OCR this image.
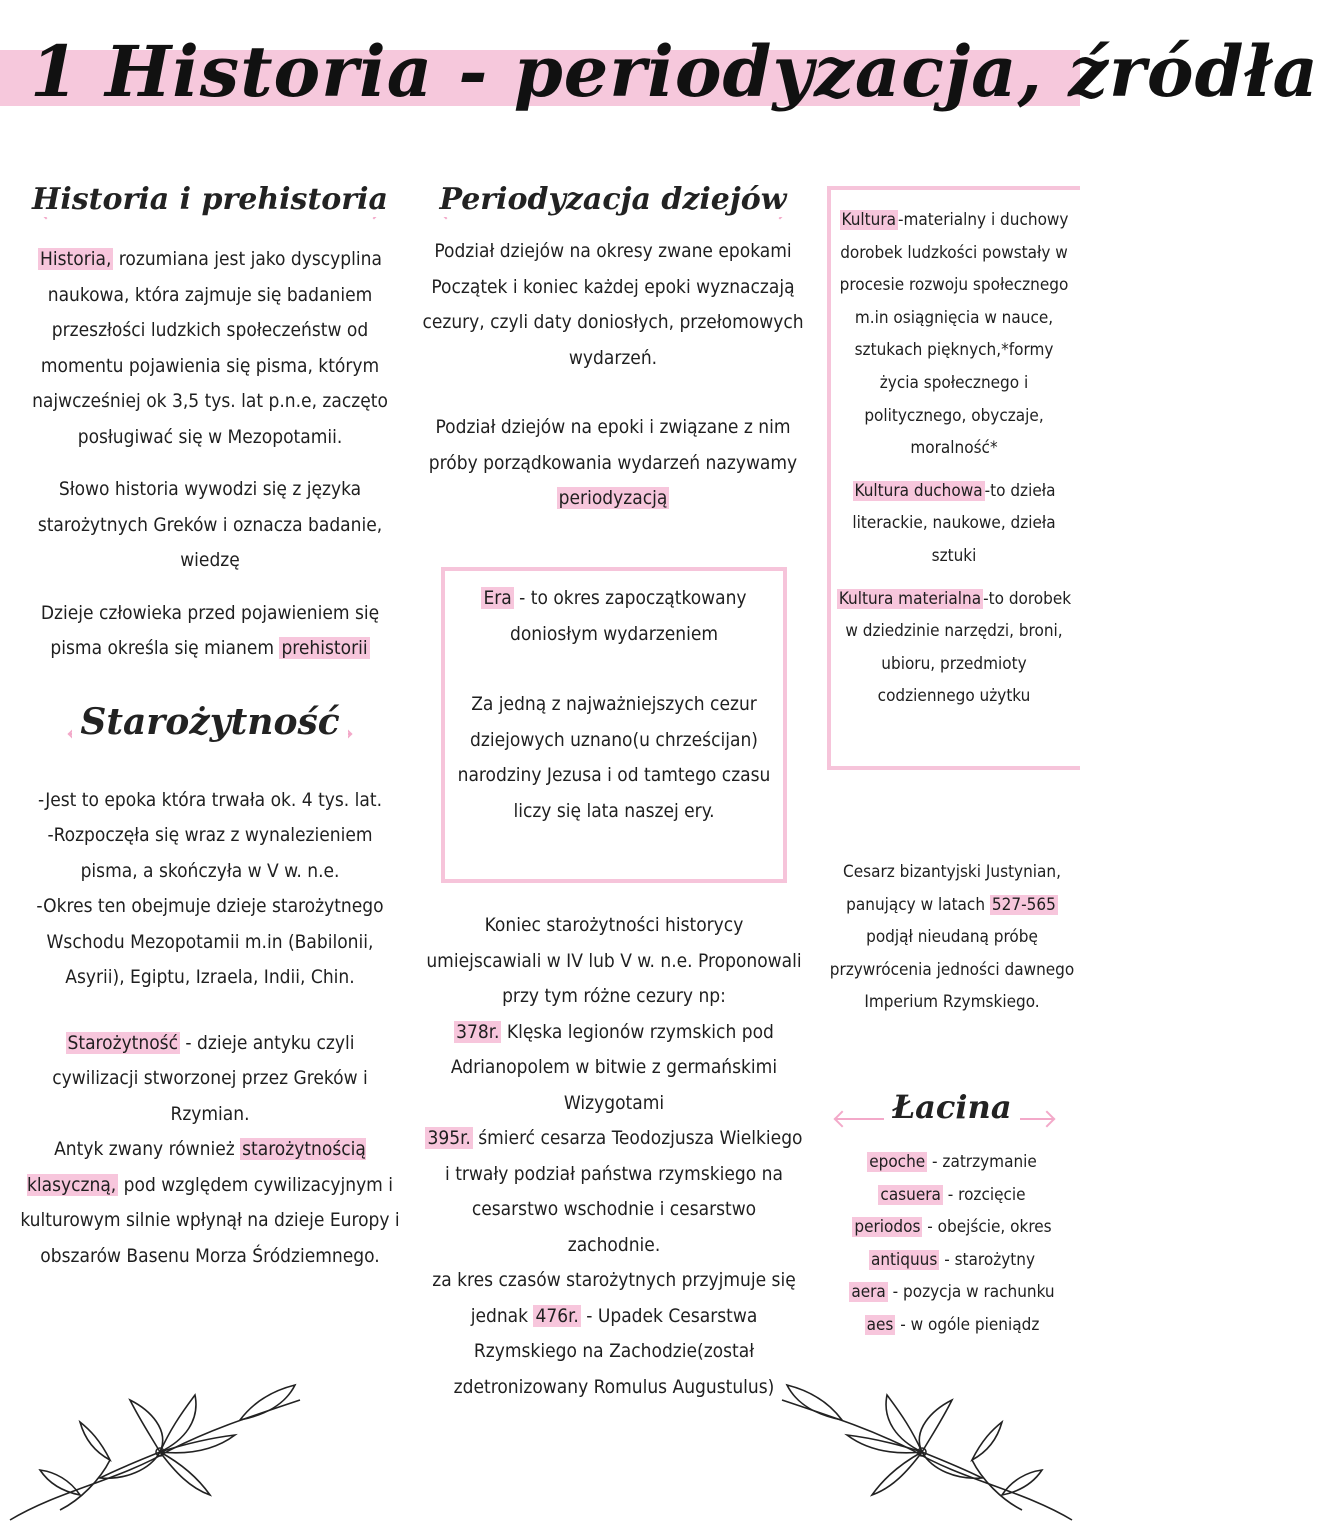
1 Historia - periodyzacja, źródła
Historia i prehistoria

Historia, rozumiana jest jako dyscyplina naukowa, która zajmuje się badaniem przeszłości ludzkich społeczeństw od momentu pojawienia się pisma, którym najwcześniej ok 3,5 tys. lat p.n.e, zaczęto posługiwać się w Mezopotamii.

Słowo historia wywodzi się z języka starożytnych Greków i oznacza badanie, wiedzę

Dzieje człowieka przed pojawieniem się pisma określa się mianem prehistorii

Starożytność

-Jest to epoka która trwała ok. 4 tys. lat.

-Rozpoczęła się wraz z wynalezieniem pisma, a skończyła w V w. n.e.

-Okres ten obejmuje dzieje starożytnego Wschodu Mezopotamii m.in (Babilonii, Asyrii), Egiptu, Izraela, Indii, Chin.

Starożytność - dzieje antyku czyli cywilizacji stworzonej przez Greków i Rzymian.

Antyk zwany również starożytnością klasyczną, pod względem cywilizacyjnym i kulturowym silnie wpłynął na dzieje Europy i obszarów Basenu Morza Śródziemnego.

Periodyzacja dziejów

Podział dziejów na okresy zwane epokami Początek i koniec każdej epoki wyznaczają cezury, czyli daty doniosłych, przełomowych wydarzeń.

Podział dziejów na epoki i związane z nim próby porządkowania wydarzeń nazywamy periodyzacją

Era - to okres zapoczątkowany doniosłym wydarzeniem

Za jedną z najważniejszych cezur dziejowych uznano(u chrześcijan) narodziny Jezusa i od tamtego czasu liczy się lata naszej ery.

Koniec starożytności historycy umiejscawiali w IV lub V w. n.e. Proponowali przy tym różne cezury np:

378r. Klęska legionów rzymskich pod Adrianopolem w bitwie z germańskimi Wizygotami

395r. śmierć cesarza Teodozjusza Wielkiego i trwały podział państwa rzymskiego na cesarstwo wschodnie i cesarstwo zachodnie.

za kres czasów starożytnych przyjmuje się jednak 476r. - Upadek Cesarstwa Rzymskiego na Zachodzie(został zdetronizowany Romulus Augustulus)

Kultura -materialny i duchowy dorobek ludzkości powstały w procesie rozwoju społecznego m.in osiągnięcia w nauce, sztukach pięknych,*formy życia społecznego i politycznego, obyczaje, moralność*

Kultura duchowa -to dzieła literackie, naukowe, dzieła sztuki

Kultura materialna -to dorobek w dziedzinie narzędzi, broni, ubioru, przedmioty codziennego użytku

Cesarz bizantyjski Justynian, panujący w latach 527-565 podjął nieudaną próbę przywrócenia jedności dawnego Imperium Rzymskiego.

Łacina

epoche - zatrzymanie

casuera - rozcięcie

periodos - obejście, okres

antiquus - starożytny

aera - pozycja w rachunku

aes - w ogóle pieniądz
